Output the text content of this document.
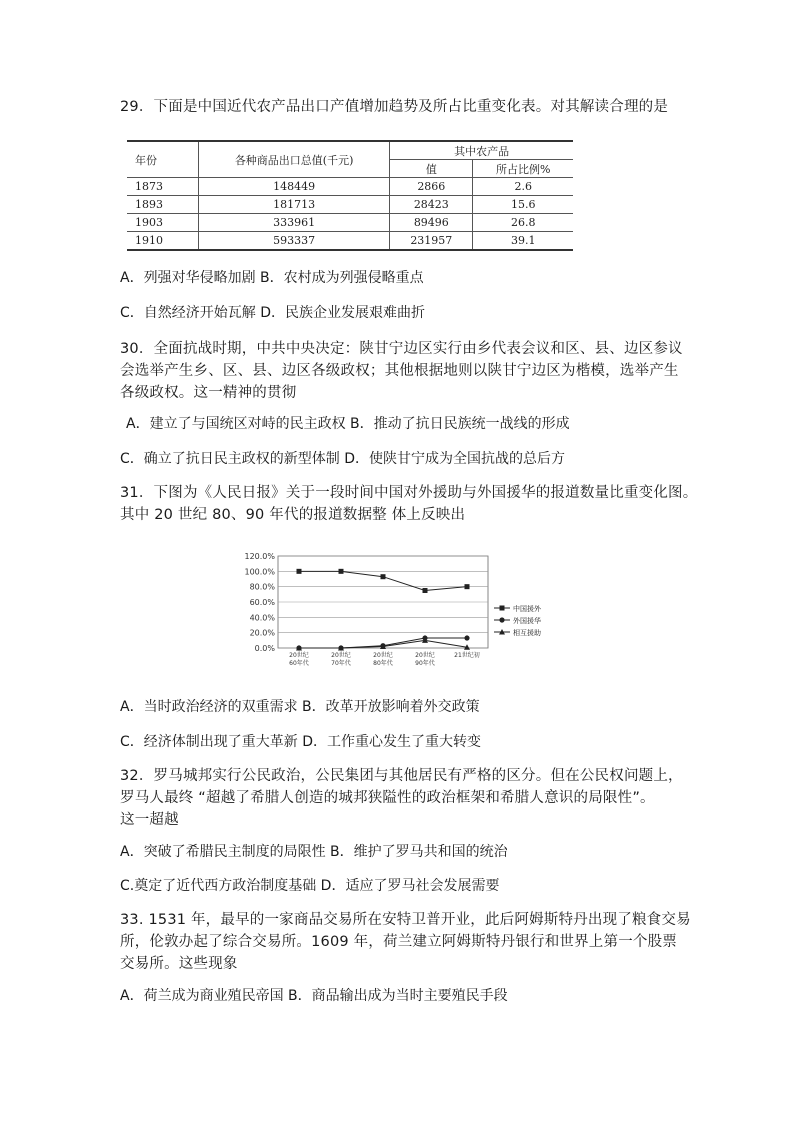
29．下面是中国近代农产品出口产值增加趋势及所占比重变化表。对其解读合理的是
年份	各种商品出口总值(千元)	其中农产品	
		值	所占比例%
1873	148449	2866	2.6
1893	181713	28423	15.6
1903	333961	89496	26.8
1910	593337	231957	39.1
A．列强对华侵略加剧 B．农村成为列强侵略重点
C．自然经济开始瓦解 D．民族企业发展艰难曲折
30．全面抗战时期，中共中央决定：陕甘宁边区实行由乡代表会议和区、县、边区参议
会选举产生乡、区、县、边区各级政权；其他根据地则以陕甘宁边区为楷模，选举产生
各级政权。这一精神的贯彻
A．建立了与国统区对峙的民主政权 B．推动了抗日民族统一战线的形成
C．确立了抗日民主政权的新型体制 D．使陕甘宁成为全国抗战的总后方
31．下图为《人民日报》关于一段时间中国对外援助与外国援华的报道数量比重变化图。
其中 20 世纪 80、90 年代的报道数据整 体上反映出
0.0%
20.0%
40.0%
60.0%
80.0%
100.0%
120.0%
20世纪
60年代
20世纪
70年代
20世纪
80年代
20世纪
90年代
21世纪初
中国援外
外国援华
相互援助
A．当时政治经济的双重需求 B．改革开放影响着外交政策
C．经济体制出现了重大革新 D．工作重心发生了重大转变
32．罗马城邦实行公民政治，公民集团与其他居民有严格的区分。但在公民权问题上，
罗马人最终 “超越了希腊人创造的城邦狭隘性的政治框架和希腊人意识的局限性”。
这一超越
A．突破了希腊民主制度的局限性 B．维护了罗马共和国的统治
C.奠定了近代西方政治制度基础 D．适应了罗马社会发展需要
33. 1531 年，最早的一家商品交易所在安特卫普开业，此后阿姆斯特丹出现了粮食交易
所，伦敦办起了综合交易所。1609 年，荷兰建立阿姆斯特丹银行和世界上第一个股票
交易所。这些现象
A．荷兰成为商业殖民帝国 B．商品输出成为当时主要殖民手段
